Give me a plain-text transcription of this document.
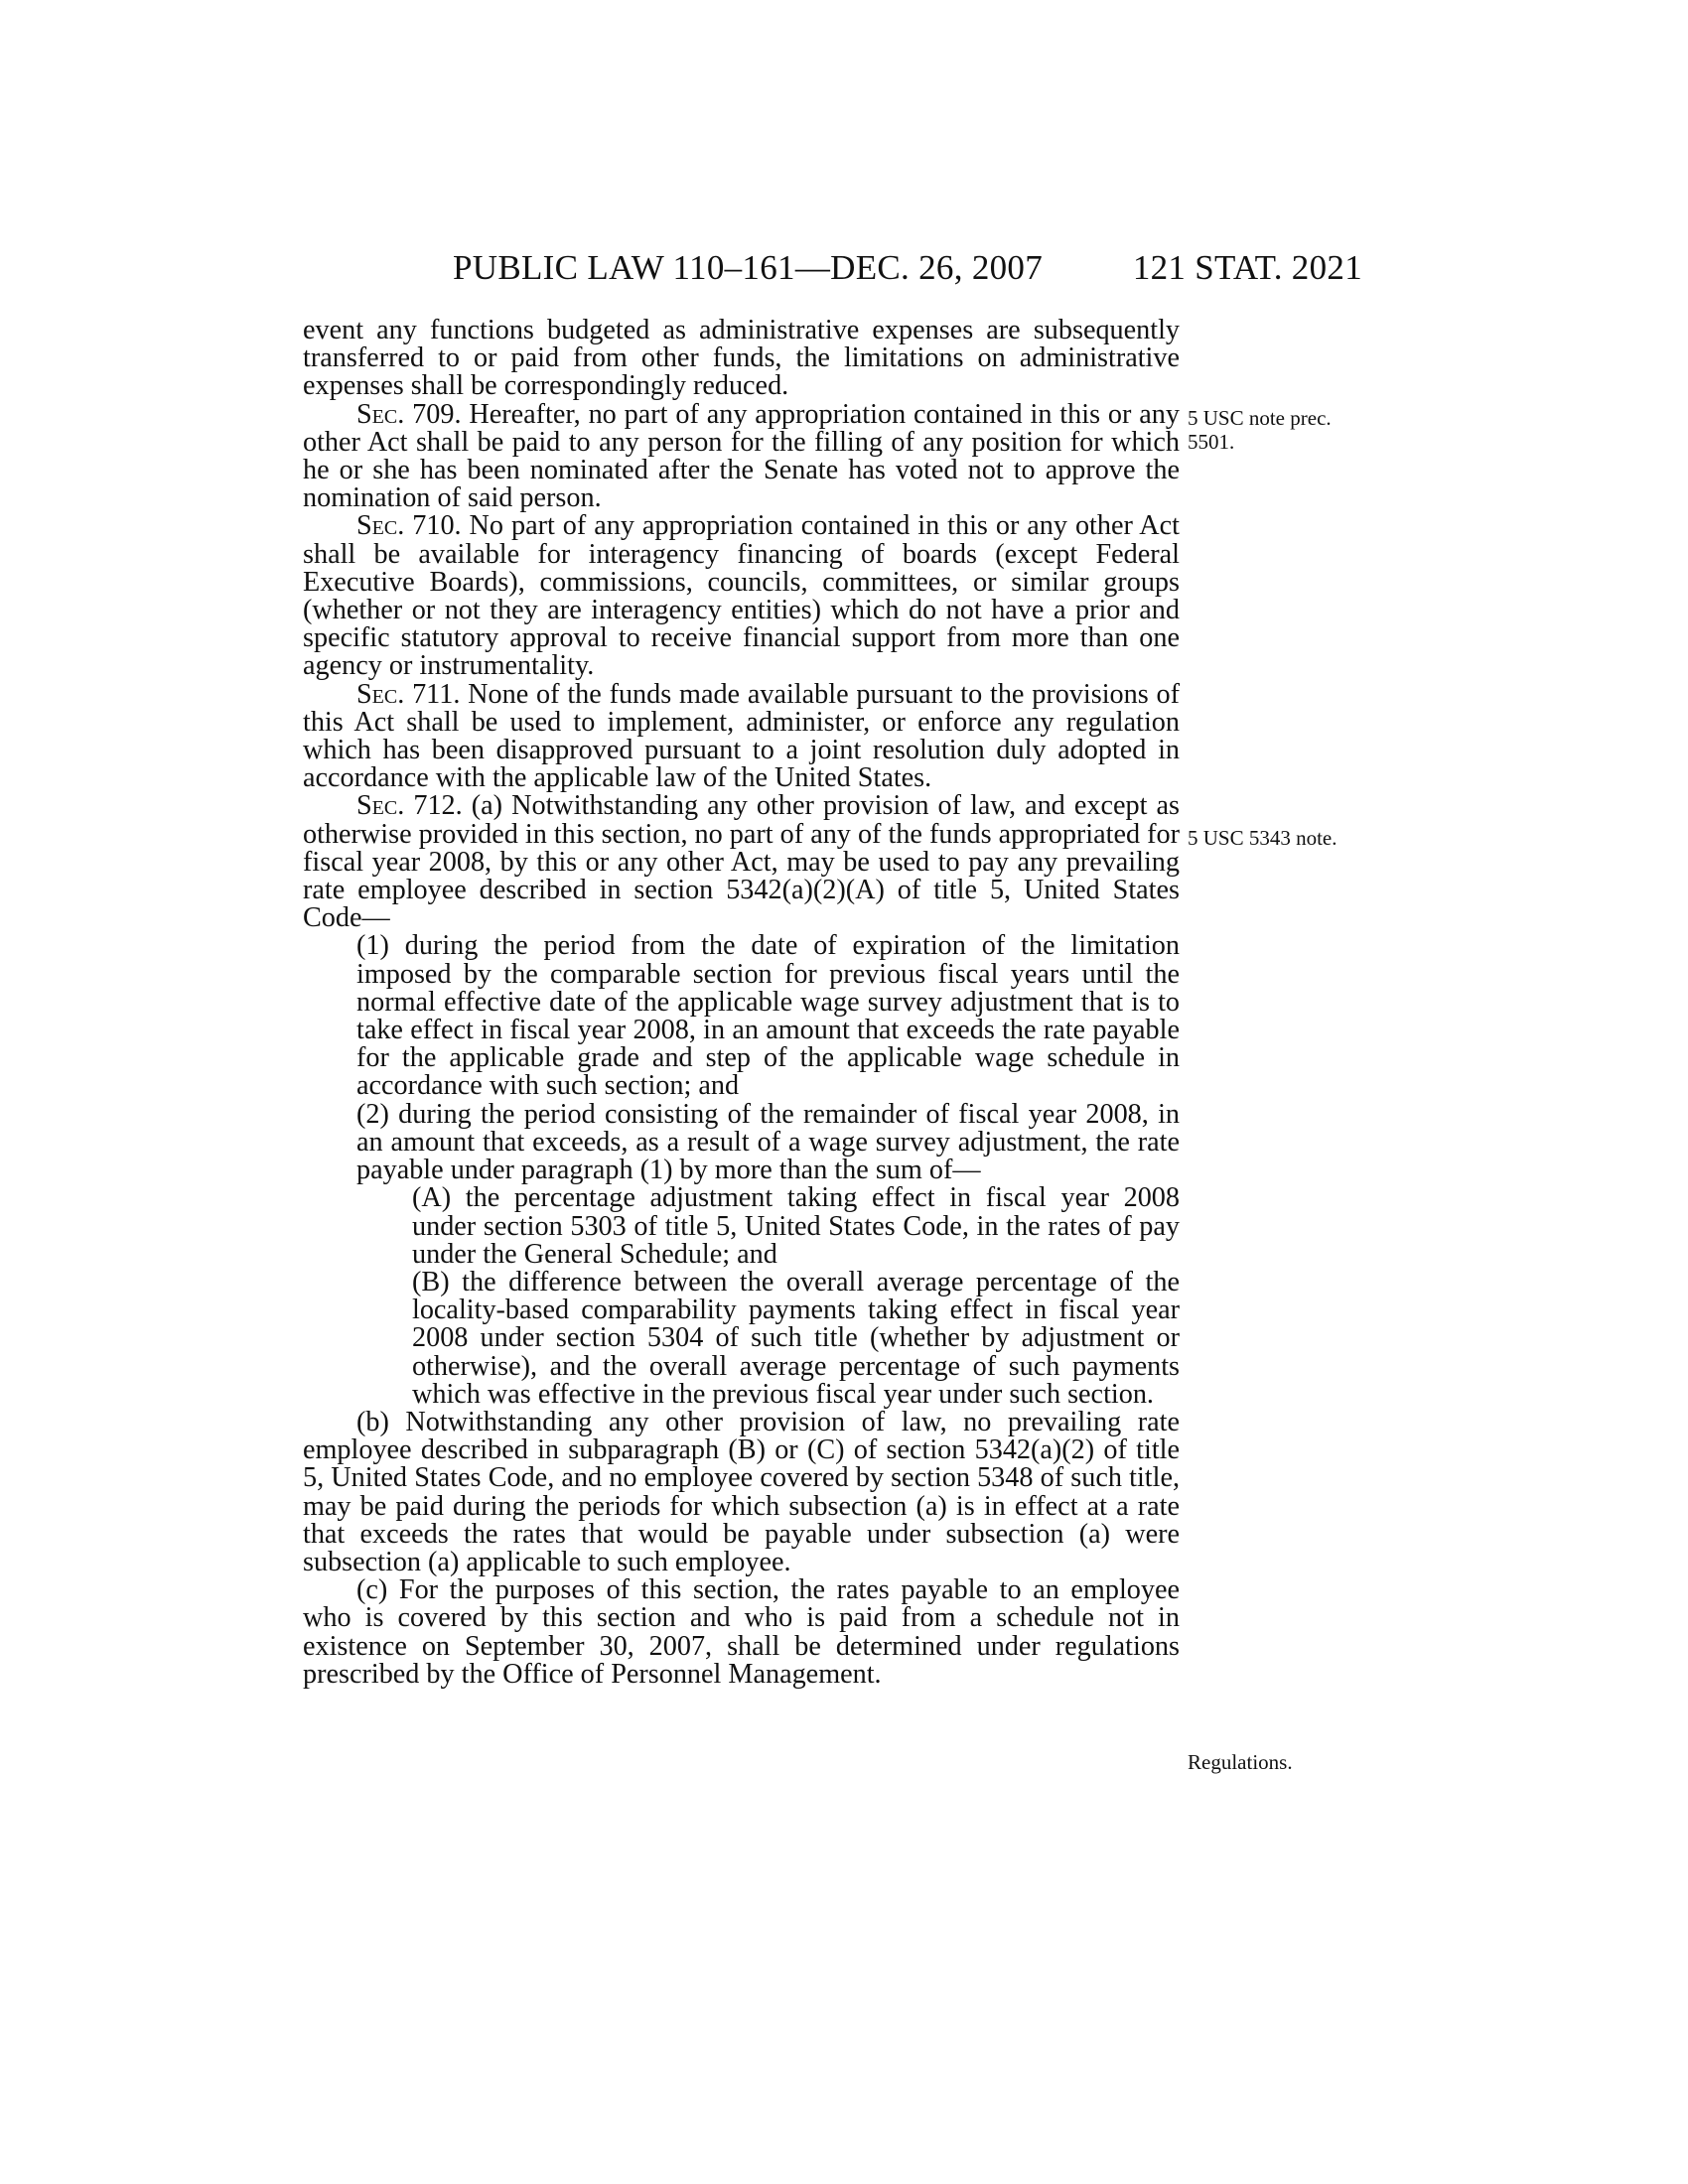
PUBLIC LAW 110–161—DEC. 26, 2007	121 STAT. 2021
5 USC note prec.
5501.
5 USC 5343 note.
Regulations.

event any functions budgeted as administrative expenses are subsequently transferred to or paid from other funds, the limitations on administrative expenses shall be correspondingly reduced.

Sec. 709. Hereafter, no part of any appropriation contained in this or any other Act shall be paid to any person for the filling of any position for which he or she has been nominated after the Senate has voted not to approve the nomination of said person.

Sec. 710. No part of any appropriation contained in this or any other Act shall be available for interagency financing of boards (except Federal Executive Boards), commissions, councils, committees, or similar groups (whether or not they are interagency entities) which do not have a prior and specific statutory approval to receive financial support from more than one agency or instrumentality.

Sec. 711. None of the funds made available pursuant to the provisions of this Act shall be used to implement, administer, or enforce any regulation which has been disapproved pursuant to a joint resolution duly adopted in accordance with the applicable law of the United States.

Sec. 712. (a) Notwithstanding any other provision of law, and except as otherwise provided in this section, no part of any of the funds appropriated for fiscal year 2008, by this or any other Act, may be used to pay any prevailing rate employee described in section 5342(a)(2)(A) of title 5, United States Code—

(1) during the period from the date of expiration of the limitation imposed by the comparable section for previous fiscal years until the normal effective date of the applicable wage survey adjustment that is to take effect in fiscal year 2008, in an amount that exceeds the rate payable for the applicable grade and step of the applicable wage schedule in accordance with such section; and

(2) during the period consisting of the remainder of fiscal year 2008, in an amount that exceeds, as a result of a wage survey adjustment, the rate payable under paragraph (1) by more than the sum of—

(A) the percentage adjustment taking effect in fiscal year 2008 under section 5303 of title 5, United States Code, in the rates of pay under the General Schedule; and

(B) the difference between the overall average percentage of the locality-based comparability payments taking effect in fiscal year 2008 under section 5304 of such title (whether by adjustment or otherwise), and the overall average percentage of such payments which was effective in the previous fiscal year under such section.

(b) Notwithstanding any other provision of law, no prevailing rate employee described in subparagraph (B) or (C) of section 5342(a)(2) of title 5, United States Code, and no employee covered by section 5348 of such title, may be paid during the periods for which subsection (a) is in effect at a rate that exceeds the rates that would be payable under subsection (a) were subsection (a) applicable to such employee.

(c) For the purposes of this section, the rates payable to an employee who is covered by this section and who is paid from a schedule not in existence on September 30, 2007, shall be determined under regulations prescribed by the Office of Personnel Management.
